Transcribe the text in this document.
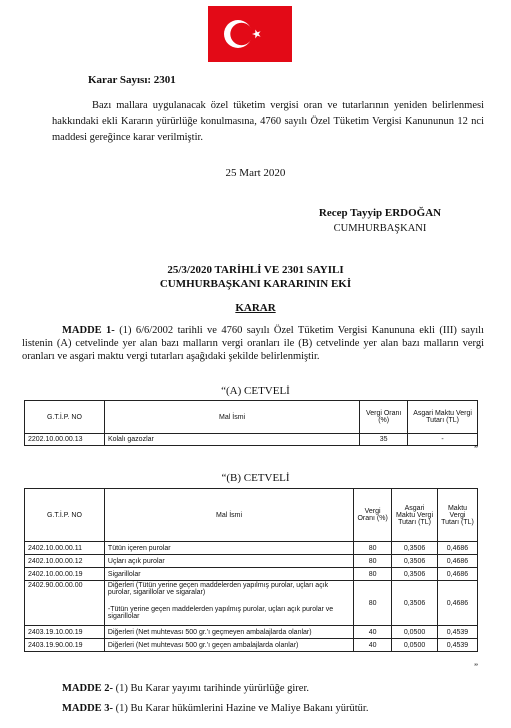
Karar Sayısı: 2301
Bazı mallara uygulanacak özel tüketim vergisi oran ve tutarlarının yeniden belirlenmesi hakkındaki ekli Kararın yürürlüğe konulmasına, 4760 sayılı Özel Tüketim Vergisi Kanununun 12 nci maddesi gereğince karar verilmiştir.
25 Mart 2020
Recep Tayyip ERDOĞAN
CUMHURBAŞKANI
25/3/2020 TARİHLİ VE 2301 SAYILI
CUMHURBAŞKANI KARARININ EKİ
KARAR
MADDE 1- (1) 6/6/2002 tarihli ve 4760 sayılı Özel Tüketim Vergisi Kanununa ekli (III) sayılı listenin (A) cetvelinde yer alan bazı malların vergi oranları ile (B) cetvelinde yer alan bazı malların vergi oranları ve asgari maktu vergi tutarları aşağıdaki şekilde belirlenmiştir.
“(A) CETVELİ
G.T.İ.P. NO	Mal İsmi	Vergi Oranı (%)	Asgari Maktu Vergi Tutarı (TL)
2202.10.00.00.13	Kolalı gazozlar	35	-
”
“(B) CETVELİ
G.T.İ.P. NO	Mal İsmi	Vergi Oranı (%)	Asgari Maktu Vergi Tutarı (TL)	Maktu Vergi Tutarı (TL)
2402.10.00.00.11	Tütün içeren purolar	80	0,3506	0,4686
2402.10.00.00.12	Uçları açık purolar	80	0,3506	0,4686
2402.10.00.00.19	Sigarillolar	80	0,3506	0,4686
2402.90.00.00.00	Diğerleri (Tütün yerine geçen maddelerden yapılmış purolar, uçları açık purolar, sigarillolar ve sigaralar)	80	0,3506	0,4686
	-Tütün yerine geçen maddelerden yapılmış purolar, uçları açık purolar ve sigarillolar			
2403.19.10.00.19	Diğerleri (Net muhtevası 500 gr.'ı geçmeyen ambalajlarda olanlar)	40	0,0500	0,4539
2403.19.90.00.19	Diğerleri (Net muhtevası 500 gr.'ı geçen ambalajlarda olanlar)	40	0,0500	0,4539
”
MADDE 2- (1) Bu Karar yayımı tarihinde yürürlüğe girer.
MADDE 3- (1) Bu Karar hükümlerini Hazine ve Maliye Bakanı yürütür.
